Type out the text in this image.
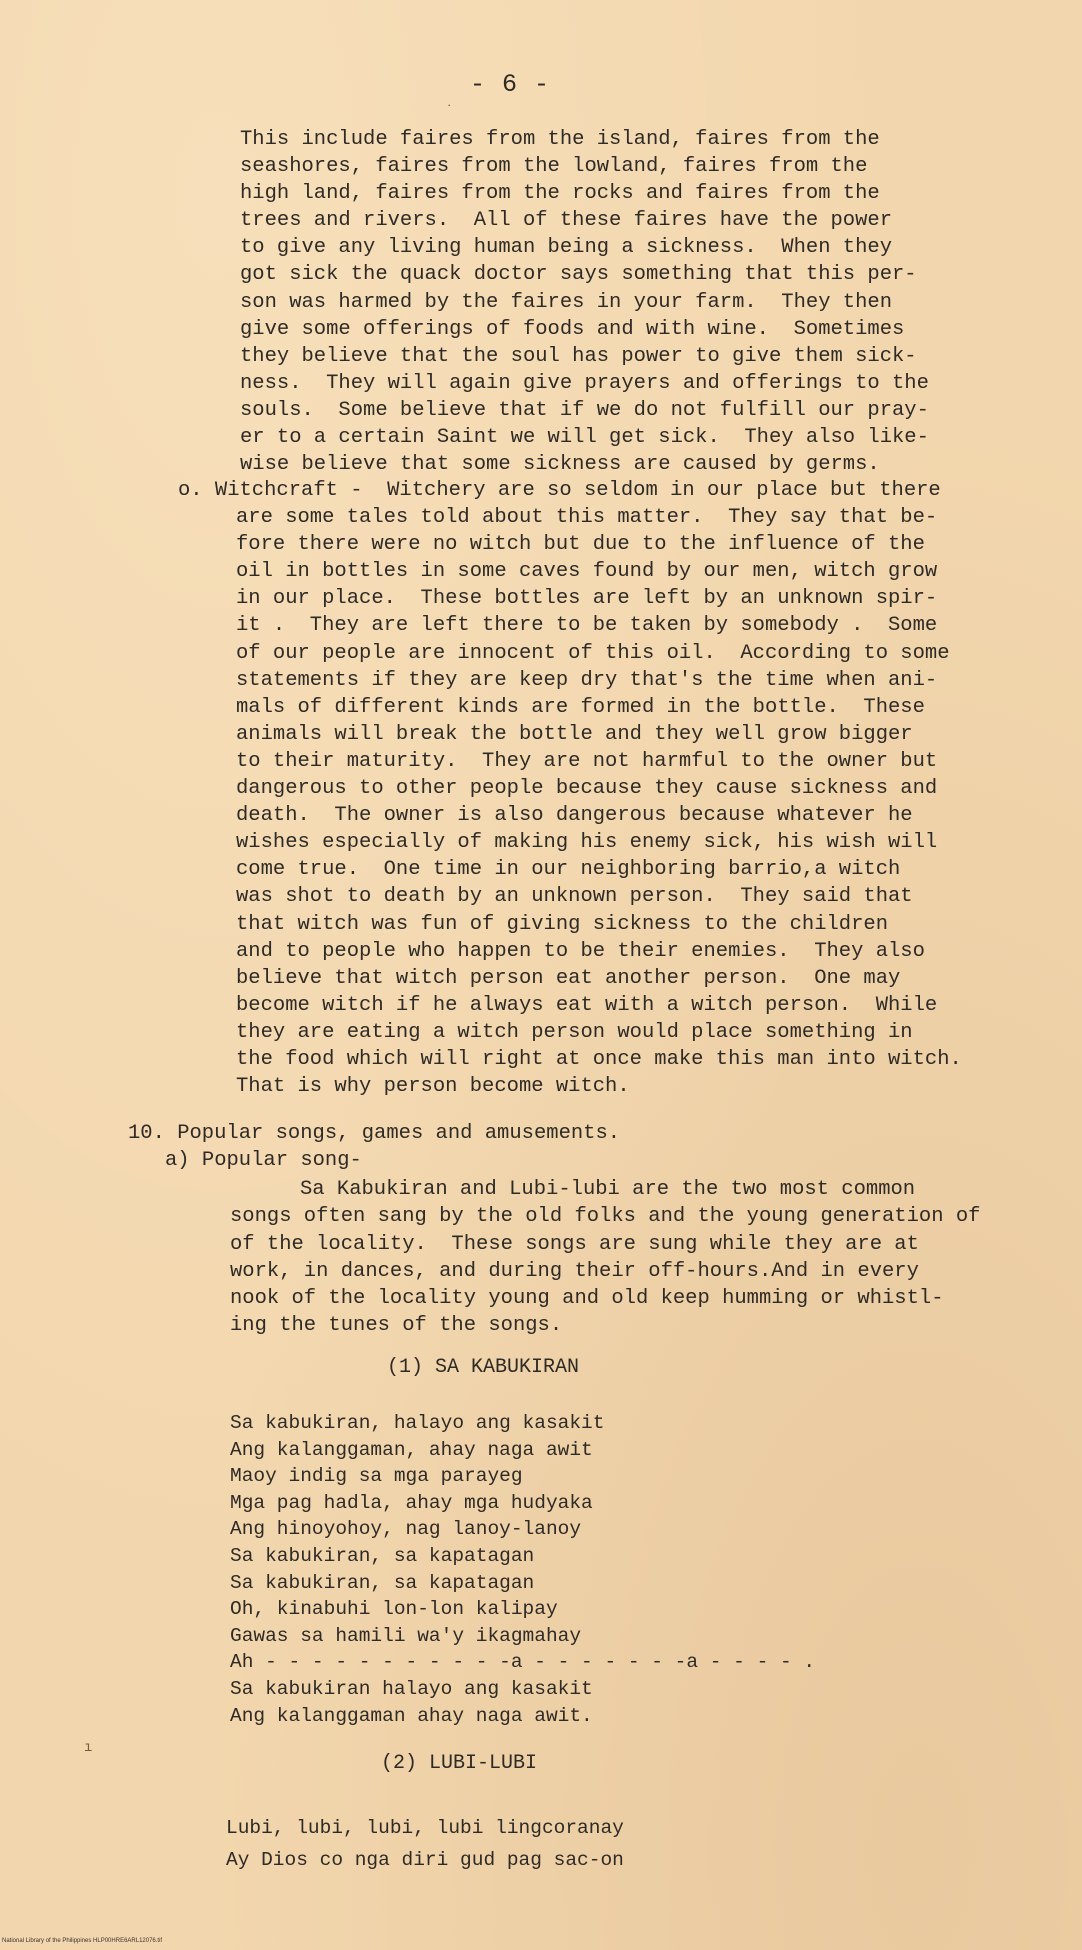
- 6 -
This include faires from the island, faires from the
seashores, faires from the lowland, faires from the
high land, faires from the rocks and faires from the
trees and rivers.  All of these faires have the power
to give any living human being a sickness.  When they
got sick the quack doctor says something that this per-
son was harmed by the faires in your farm.  They then
give some offerings of foods and with wine.  Sometimes
they believe that the soul has power to give them sick-
ness.  They will again give prayers and offerings to the
souls.  Some believe that if we do not fulfill our pray-
er to a certain Saint we will get sick.  They also like-
wise believe that some sickness are caused by germs.
o. Witchcraft -  Witchery are so seldom in our place but there
are some tales told about this matter.  They say that be-
fore there were no witch but due to the influence of the
oil in bottles in some caves found by our men, witch grow
in our place.  These bottles are left by an unknown spir-
it .  They are left there to be taken by somebody .  Some
of our people are innocent of this oil.  According to some
statements if they are keep dry that's the time when ani-
mals of different kinds are formed in the bottle.  These
animals will break the bottle and they well grow bigger
to their maturity.  They are not harmful to the owner but
dangerous to other people because they cause sickness and
death.  The owner is also dangerous because whatever he
wishes especially of making his enemy sick, his wish will
come true.  One time in our neighboring barrio,a witch
was shot to death by an unknown person.  They said that
that witch was fun of giving sickness to the children
and to people who happen to be their enemies.  They also
believe that witch person eat another person.  One may
become witch if he always eat with a witch person.  While
they are eating a witch person would place something in
the food which will right at once make this man into witch.
That is why person become witch.
10. Popular songs, games and amusements.
a) Popular song-
Sa Kabukiran and Lubi-lubi are the two most common
songs often sang by the old folks and the young generation of
of the locality.  These songs are sung while they are at
work, in dances, and during their off-hours.And in every
nook of the locality young and old keep humming or whistl-
ing the tunes of the songs.
(1) SA KABUKIRAN
Sa kabukiran, halayo ang kasakit
Ang kalanggaman, ahay naga awit
Maoy indig sa mga parayeg
Mga pag hadla, ahay mga hudyaka
Ang hinoyohoy, nag lanoy-lanoy
Sa kabukiran, sa kapatagan
Sa kabukiran, sa kapatagan
Oh, kinabuhi lon-lon kalipay
Gawas sa hamili wa'y ikagmahay
Ah - - - - - - - - - - -a - - - - - - -a - - - - .
Sa kabukiran halayo ang kasakit
Ang kalanggaman ahay naga awit.
(2) LUBI-LUBI
Lubi, lubi, lubi, lubi lingcoranay
Ay Dios co nga diri gud pag sac-on
˙
ı
National Library of the Philippines HLP00HRE6ARL12076.tif
